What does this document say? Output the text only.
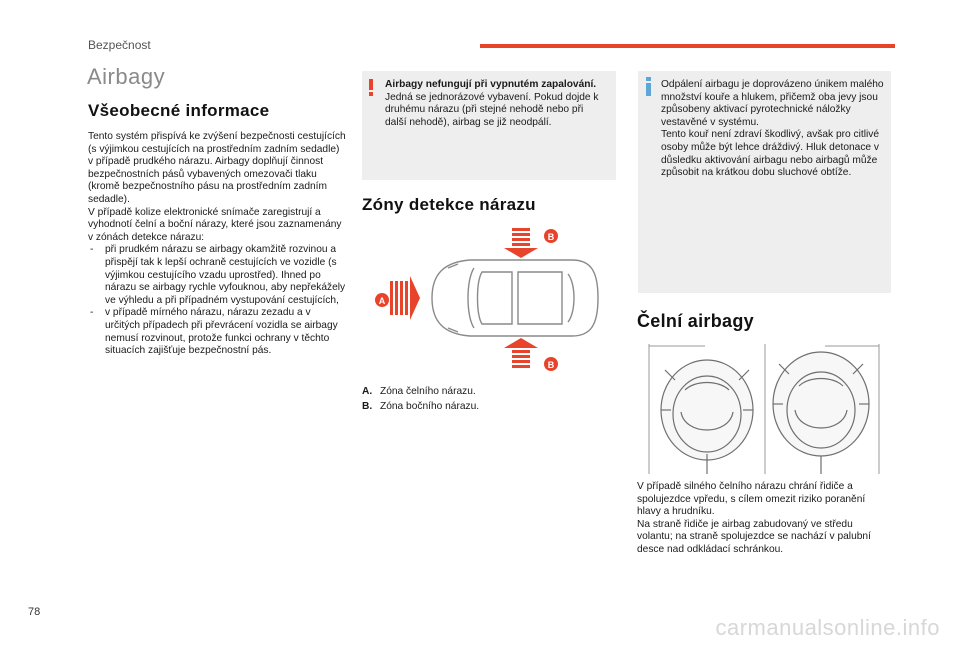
Bezpečnost
Airbagy
Všeobecné informace

Tento systém přispívá ke zvýšení bezpečnosti cestujících (s výjimkou cestujících na prostředním zadním sedadle) v případě prudkého nárazu. Airbagy doplňují činnost bezpečnostních pásů vybavených omezovači tlaku (kromě bezpečnostního pásu na prostředním zadním sedadle).

V případě kolize elektronické snímače zaregistrují a vyhodnotí čelní a boční nárazy, které jsou zaznamenány v zónách detekce nárazu:

- při prudkém nárazu se airbagy okamžitě rozvinou a přispějí tak k lepší ochraně cestujících ve vozidle (s výjimkou cestujícího vzadu uprostřed). Ihned po nárazu se airbagy rychle vyfouknou, aby nepřekážely ve výhledu a při případném vystupování cestujících,
- v případě mírného nárazu, nárazu zezadu a v určitých případech při převrácení vozidla se airbagy nemusí rozvinout, protože funkci ochrany v těchto situacích zajišťuje bezpečnostní pás.

Airbagy nefungují při vypnutém zapalování.

Jedná se jednorázové vybavení. Pokud dojde k druhému nárazu (při stejné nehodě nebo při další nehodě), airbag se již neodpálí.

Zóny detekce nárazu
B
B
A
A. Zóna čelního nárazu.
B. Zóna bočního nárazu.

Odpálení airbagu je doprovázeno únikem malého množství kouře a hlukem, přičemž oba jevy jsou způsobeny aktivací pyrotechnické náložky vestavěné v systému.

Tento kouř není zdraví škodlivý, avšak pro citlivé osoby může být lehce dráždivý. Hluk detonace v důsledku aktivování airbagu nebo airbagů může způsobit na krátkou dobu sluchové obtíže.

Čelní airbagy

V případě silného čelního nárazu chrání řidiče a spolujezdce vpředu, s cílem omezit riziko poranění hlavy a hrudníku.

Na straně řidiče je airbag zabudovaný ve středu volantu; na straně spolujezdce se nachází v palubní desce nad odkládací schránkou.

78
carmanualsonline.info
